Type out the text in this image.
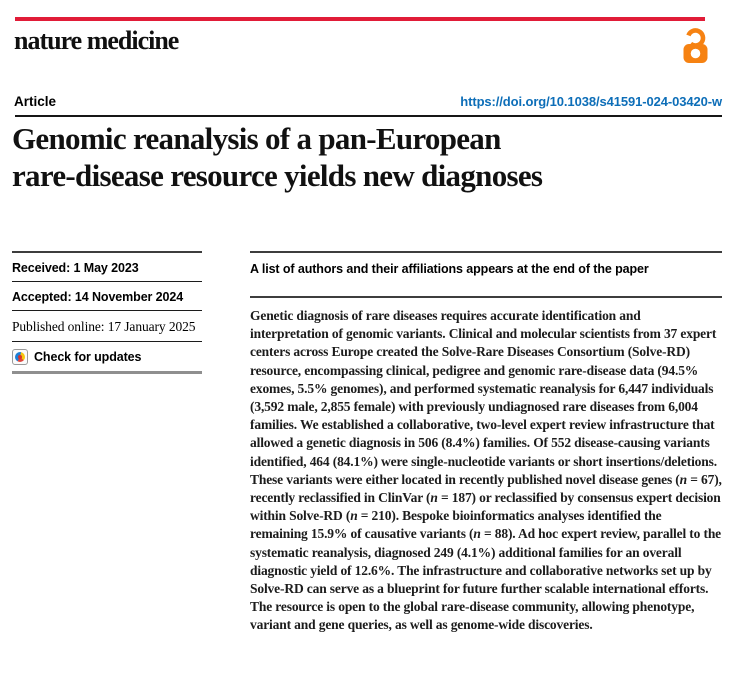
nature medicine
Article	https://doi.org/10.1038/s41591-024-03420-w
Genomic reanalysis of a pan-European
rare-disease resource yields new diagnoses
Received: 1 May 2023
Accepted: 14 November 2024
Published online: 17 January 2025
Check for updates
A list of authors and their affiliations appears at the end of the paper

Genetic diagnosis of rare diseases requires accurate identification and interpretation of genomic variants. Clinical and molecular scientists from 37 expert centers across Europe created the Solve-Rare Diseases Consortium (Solve-RD) resource, encompassing clinical, pedigree and genomic rare-disease data (94.5% exomes, 5.5% genomes), and performed systematic reanalysis for 6,447 individuals (3,592 male, 2,855 female) with previously undiagnosed rare diseases from 6,004 families. We established a collaborative, two-level expert review infrastructure that allowed a genetic diagnosis in 506 (8.4%) families. Of 552 disease-causing variants identified, 464 (84.1%) were single-nucleotide variants or short insertions/deletions. These variants were either located in recently published novel disease genes (n = 67), recently reclassified in ClinVar (n = 187) or reclassified by consensus expert decision within Solve-RD (n = 210). Bespoke bioinformatics analyses identified the remaining 15.9% of causative variants (n = 88). Ad hoc expert review, parallel to the systematic reanalysis, diagnosed 249 (4.1%) additional families for an overall diagnostic yield of 12.6%. The infrastructure and collaborative networks set up by Solve-RD can serve as a blueprint for future further scalable international efforts. The resource is open to the global rare-disease community, allowing phenotype, variant and gene queries, as well as genome-wide discoveries.
